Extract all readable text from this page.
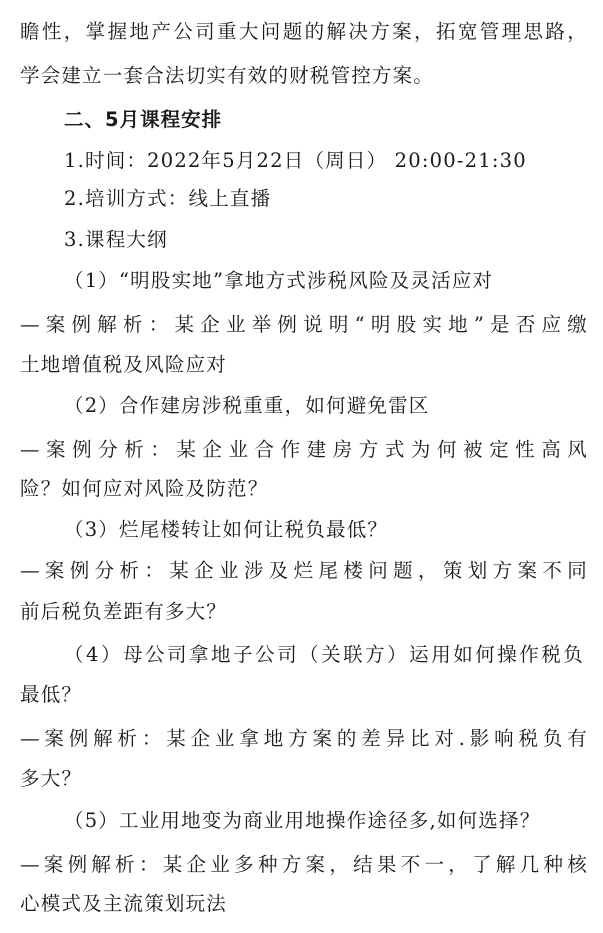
瞻性，掌握地产公司重大问题的解决方案，拓宽管理思路，
学会建立一套合法切实有效的财税管控方案。
二、5月课程安排
1.时间：2022年5月22日（周日） 20:00-21:30
2.培训方式：线上直播
3.课程大纲
（1）“明股实地”拿地方式涉税风险及灵活应对
—案例解析：某企业举例说明“明股实地”是否应缴
土地增值税及风险应对
（2）合作建房涉税重重，如何避免雷区
—案例分析：某企业合作建房方式为何被定性高风
险？如何应对风险及防范？
（3）烂尾楼转让如何让税负最低？
—案例分析：某企业涉及烂尾楼问题，策划方案不同
前后税负差距有多大？
（4）母公司拿地子公司（关联方）运用如何操作税负
最低？
—案例解析：某企业拿地方案的差异比对.影响税负有
多大？
（5）工业用地变为商业用地操作途径多,如何选择？
—案例解析：某企业多种方案，结果不一，了解几种核
心模式及主流策划玩法
